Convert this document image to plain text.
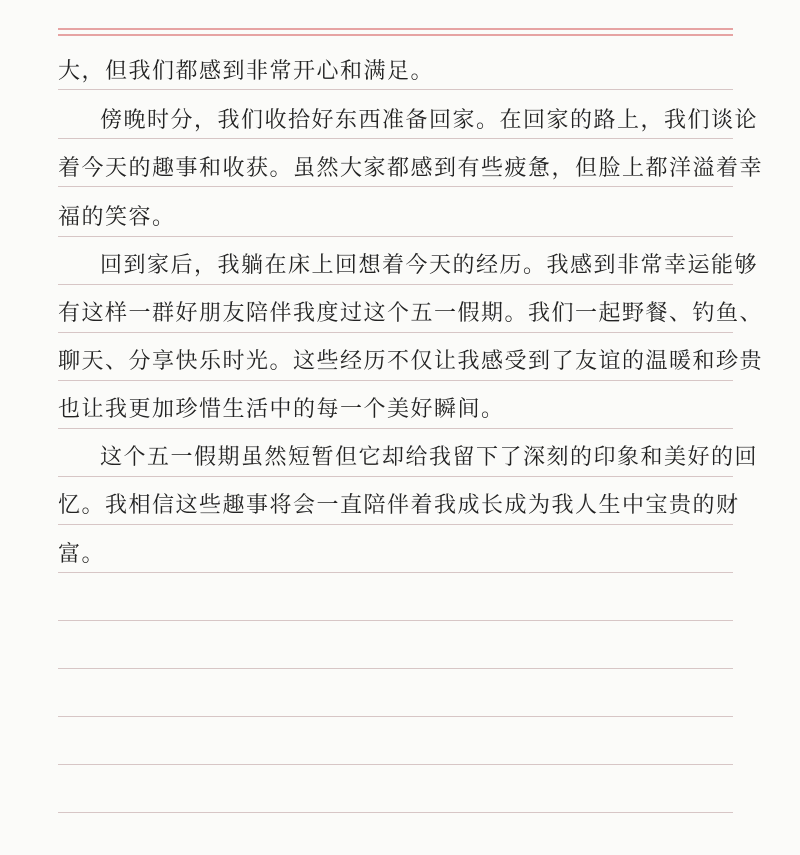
大，但我们都感到非常开心和满足。
傍晚时分，我们收拾好东西准备回家。在回家的路上，我们谈论
着今天的趣事和收获。虽然大家都感到有些疲惫，但脸上都洋溢着幸
福的笑容。
回到家后，我躺在床上回想着今天的经历。我感到非常幸运能够
有这样一群好朋友陪伴我度过这个五一假期。我们一起野餐、钓鱼、
聊天、分享快乐时光。这些经历不仅让我感受到了友谊的温暖和珍贵
也让我更加珍惜生活中的每一个美好瞬间。
这个五一假期虽然短暂但它却给我留下了深刻的印象和美好的回
忆。我相信这些趣事将会一直陪伴着我成长成为我人生中宝贵的财
富。
